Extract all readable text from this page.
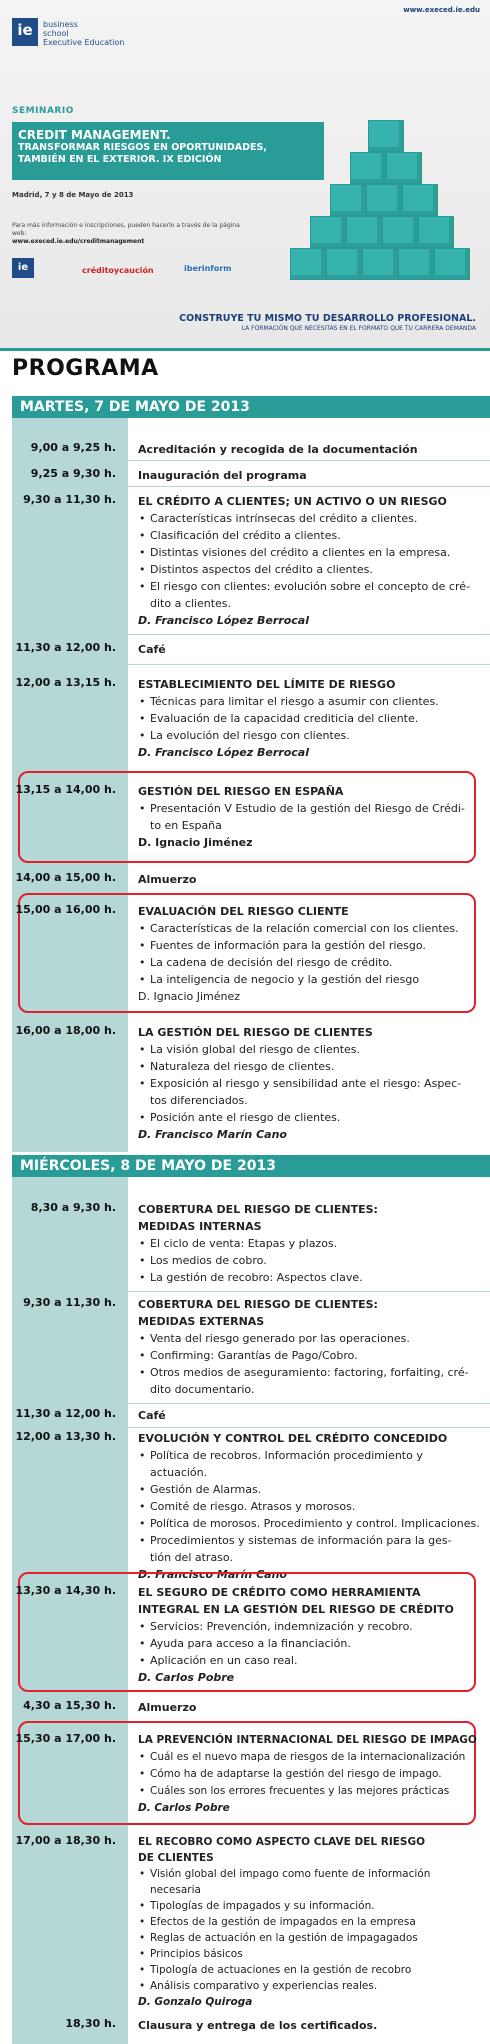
www.execed.ie.edu
ie	business
school
Executive Education
SEMINARIO
CREDIT MANAGEMENT.
TRANSFORMAR RIESGOS EN OPORTUNIDADES,
TAMBIÉN EN EL EXTERIOR. IX EDICIÓN
Madrid, 7 y 8 de Mayo de 2013
Para más información e inscripciones, pueden hacerlo a través de la página web:
www.execed.ie.edu/creditmanagement
ie	créditoycaución	iberinform
CONSTRUYE TU MISMO TU DESARROLLO PROFESIONAL.
LA FORMACIÓN QUE NECESITAS EN EL FORMATO QUE TU CARRERA DEMANDA
PROGRAMA
MARTES, 7 DE MAYO DE 2013
9,00 a 9,25 h. Acreditación y recogida de la documentación
9,25 a 9,30 h. Inauguración del programa
9,30 a 11,30 h. EL CRÉDITO A CLIENTES; UN ACTIVO O UN RIESGO
• Características intrínsecas del crédito a clientes.
• Clasificación del crédito a clientes.
• Distintas visiones del crédito a clientes en la empresa.
• Distintos aspectos del crédito a clientes.
• El riesgo con clientes: evolución sobre el concepto de cré-
dito a clientes.
D. Francisco López Berrocal
11,30 a 12,00 h. Café
12,00 a 13,15 h. ESTABLECIMIENTO DEL LÍMITE DE RIESGO
• Técnicas para limitar el riesgo a asumir con clientes.
• Evaluación de la capacidad crediticia del cliente.
• La evolución del riesgo con clientes.
D. Francisco López Berrocal
13,15 a 14,00 h. GESTIÓN DEL RIESGO EN ESPAÑA
• Presentación V Estudio de la gestión del Riesgo de Crédi-
to en España
D. Ignacio Jiménez
14,00 a 15,00 h. Almuerzo
15,00 a 16,00 h. EVALUACIÓN DEL RIESGO CLIENTE
• Características de la relación comercial con los clientes.
• Fuentes de información para la gestión del riesgo.
• La cadena de decisión del riesgo de crédito.
• La inteligencia de negocio y la gestión del riesgo
D. Ignacio Jiménez
16,00 a 18,00 h. LA GESTIÓN DEL RIESGO DE CLIENTES
• La visión global del riesgo de clientes.
• Naturaleza del riesgo de clientes.
• Exposición al riesgo y sensibilidad ante el riesgo: Aspec-
tos diferenciados.
• Posición ante el riesgo de clientes.
D. Francisco Marín Cano
MIÉRCOLES, 8 DE MAYO DE 2013
8,30 a 9,30 h. COBERTURA DEL RIESGO DE CLIENTES:
MEDIDAS INTERNAS
• El ciclo de venta: Etapas y plazos.
• Los medios de cobro.
• La gestión de recobro: Aspectos clave.
9,30 a 11,30 h. COBERTURA DEL RIESGO DE CLIENTES:
MEDIDAS EXTERNAS
• Venta del riesgo generado por las operaciones.
• Confirming: Garantías de Pago/Cobro.
• Otros medios de aseguramiento: factoring, forfaiting, cré-
dito documentario.
11,30 a 12,00 h. Café
12,00 a 13,30 h. EVOLUCIÓN Y CONTROL DEL CRÉDITO CONCEDIDO
• Política de recobros. Información procedimiento y actuación.
• Gestión de Alarmas.
• Comité de riesgo. Atrasos y morosos.
• Política de morosos. Procedimiento y control. Implicaciones.
• Procedimientos y sistemas de información para la ges-
tión del atraso.
D. Francisco Marín Cano
13,30 a 14,30 h. EL SEGURO DE CRÉDITO COMO HERRAMIENTA
INTEGRAL EN LA GESTIÓN DEL RIESGO DE CRÉDITO
• Servicios: Prevención, indemnización y recobro.
• Ayuda para acceso a la financiación.
• Aplicación en un caso real.
D. Carlos Pobre
4,30 a 15,30 h. Almuerzo
15,30 a 17,00 h. LA PREVENCIÓN INTERNACIONAL DEL RIESGO DE IMPAGO
• Cuál es el nuevo mapa de riesgos de la internacionalización
• Cómo ha de adaptarse la gestión del riesgo de impago.
• Cuáles son los errores frecuentes y las mejores prácticas
D. Carlos Pobre
17,00 a 18,30 h. EL RECOBRO COMO ASPECTO CLAVE DEL RIESGO
DE CLIENTES
• Visión global del impago como fuente de información necesaria
• Tipologías de impagados y su información.
• Efectos de la gestión de impagados en la empresa
• Reglas de actuación en la gestión de impagagados
• Principios básicos
• Tipología de actuaciones en la gestión de recobro
• Análisis comparativo y experiencias reales.
D. Gonzalo Quiroga
18,30 h. Clausura y entrega de los certificados.
